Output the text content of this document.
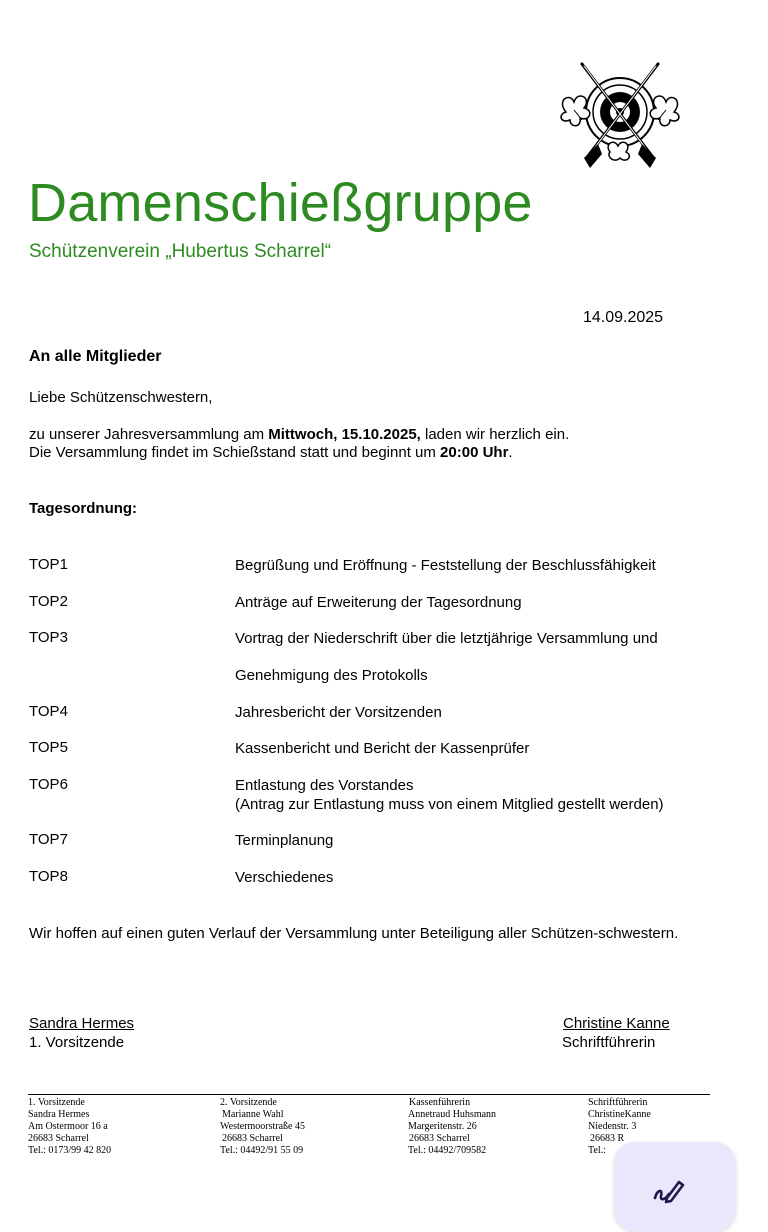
Damenschießgruppe
Schützenverein „Hubertus Scharrel“
14.09.2025
An alle Mitglieder
Liebe Schützenschwestern,
zu unserer Jahresversammlung am Mittwoch, 15.10.2025, laden wir herzlich ein.
Die Versammlung findet im Schießstand statt und beginnt um 20:00 Uhr.
Tagesordnung:
TOP1	Begrüßung und Eröffnung - Feststellung der Beschlussfähigkeit
TOP2	Anträge auf Erweiterung der Tagesordnung
TOP3	Vortrag der Niederschrift über die letztjährige Versammlung und
Genehmigung des Protokolls
TOP4	Jahresbericht der Vorsitzenden
TOP5	Kassenbericht und Bericht der Kassenprüfer
TOP6	Entlastung des Vorstandes
(Antrag zur Entlastung muss von einem Mitglied gestellt werden)
TOP7	Terminplanung
TOP8	Verschiedenes
Wir hoffen auf einen guten Verlauf der Versammlung unter Beteiligung aller Schützen-schwestern.
Sandra Hermes
1. Vorsitzende
Christine Kanne
Schriftführerin
1. Vorsitzende
Sandra Hermes
Am Ostermoor 16 a
26683 Scharrel
Tel.: 0173/99 42 820
2. Vorsitzende
Marianne Wahl
Westermoorstraße 45
26683 Scharrel
Tel.: 04492/91 55 09
Kassenführerin
Annetraud Huhsmann
Margeritenstr. 26
26683 Scharrel
Tel.: 04492/709582
Schriftführerin
ChristineKanne
Niedenstr. 3
26683 R
Tel.:
